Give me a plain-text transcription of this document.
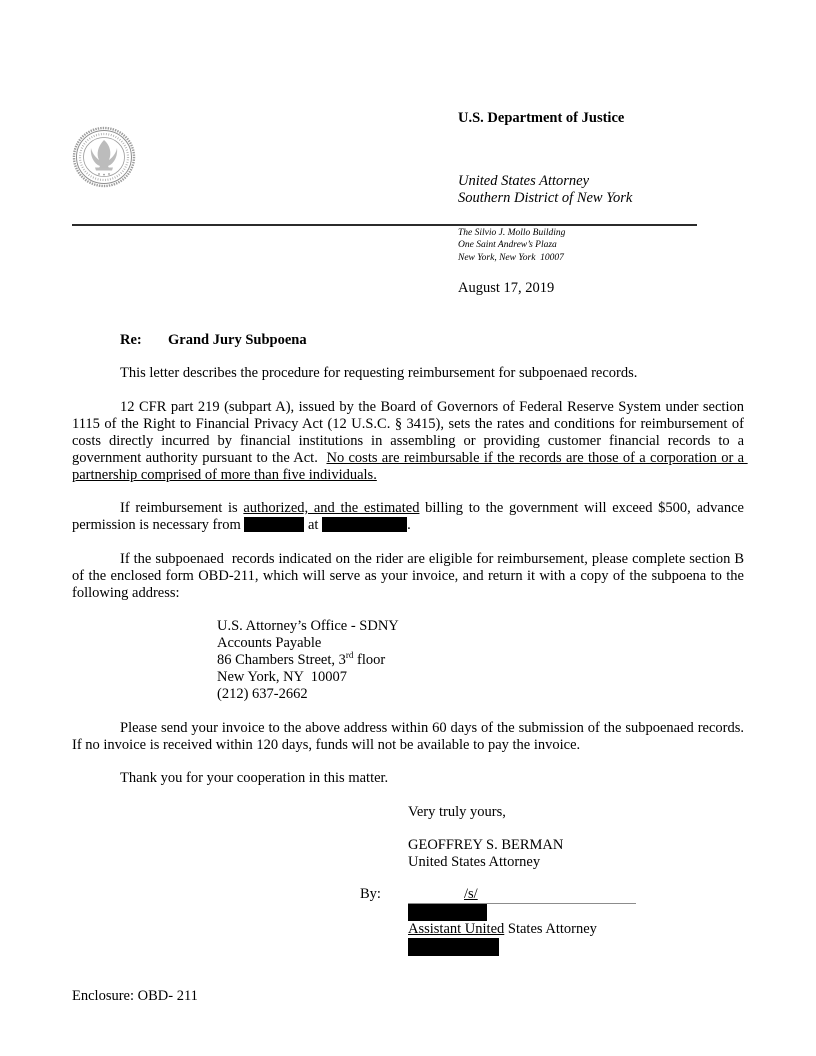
U.S. Department of Justice
United States Attorney
Southern District of New York
The Silvio J. Mollo Building
One Saint Andrew’s Plaza
New York, New York  10007
August 17, 2019
Re: Grand Jury Subpoena

This letter describes the procedure for requesting reimbursement for subpoenaed records.

12 CFR part 219 (subpart A), issued by the Board of Governors of Federal Reserve System under section 1115 of the Right to Financial Privacy Act (12 U.S.C. § 3415), sets the rates and conditions for reimbursement of costs directly incurred by financial institutions in assembling or providing customer financial records to a government authority pursuant to the Act.  No costs are reimbursable if the records are those of a corporation or a partnership comprised of more than five individuals.

If reimbursement is authorized, and the estimated billing to the government will exceed $500, advance permission is necessary from	at	.

If the subpoenaed  records indicated on the rider are eligible for reimbursement, please complete section B of the enclosed form OBD-211, which will serve as your invoice, and return it with a copy of the subpoena to the following address:

U.S. Attorney’s Office - SDNY
Accounts Payable
86 Chambers Street, 3rd floor
New York, NY  10007
(212) 637-2662

Please send your invoice to the above address within 60 days of the submission of the subpoenaed records. If no invoice is received within 120 days, funds will not be available to pay the invoice.

Thank you for your cooperation in this matter.

Very truly yours,
GEOFFREY S. BERMAN
United States Attorney
By:	/s/
Assistant United States Attorney
Enclosure: OBD- 211
